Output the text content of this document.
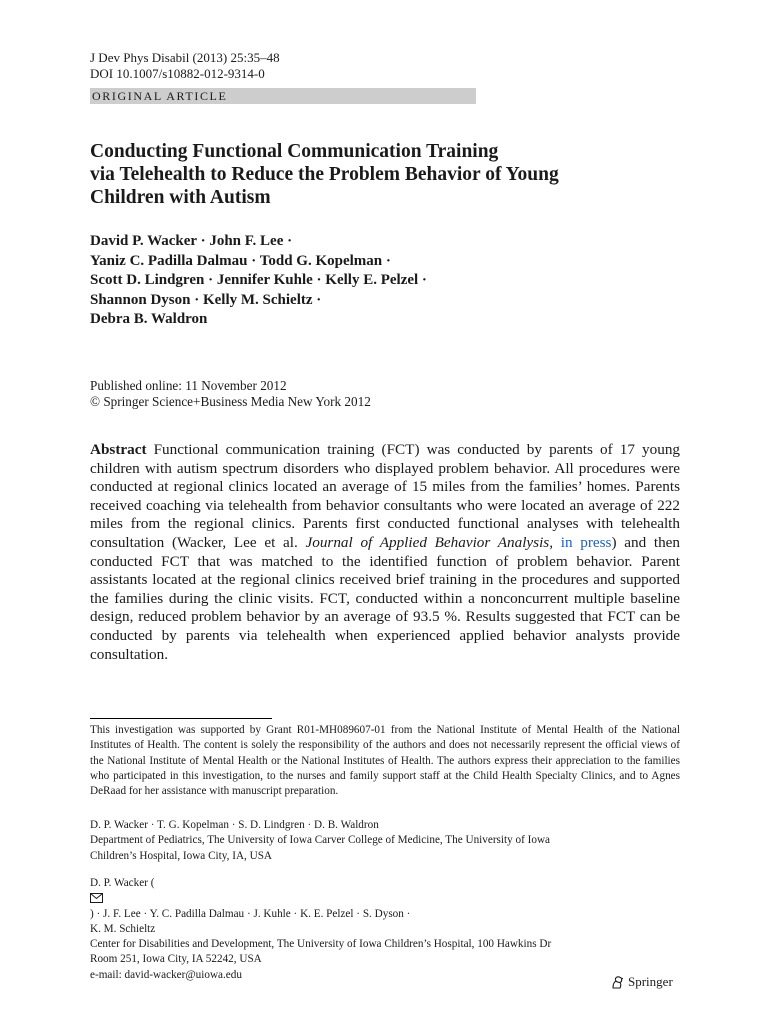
J Dev Phys Disabil (2013) 25:35–48
DOI 10.1007/s10882-012-9314-0
ORIGINAL ARTICLE
Conducting Functional Communication Training
via Telehealth to Reduce the Problem Behavior of Young
Children with Autism
David P. Wacker · John F. Lee ·
Yaniz C. Padilla Dalmau · Todd G. Kopelman ·
Scott D. Lindgren · Jennifer Kuhle · Kelly E. Pelzel ·
Shannon Dyson · Kelly M. Schieltz ·
Debra B. Waldron
Published online: 11 November 2012
© Springer Science+Business Media New York 2012

Abstract Functional communication training (FCT) was conducted by parents of 17 young children with autism spectrum disorders who displayed problem behavior. All procedures were conducted at regional clinics located an average of 15 miles from the families’ homes. Parents received coaching via telehealth from behavior consultants who were located an average of 222 miles from the regional clinics. Parents first conducted functional analyses with telehealth consultation (Wacker, Lee et al. Journal of Applied Behavior Analysis, in press) and then conducted FCT that was matched to the identified function of problem behavior. Parent assistants located at the regional clinics received brief training in the procedures and supported the families during the clinic visits. FCT, conducted within a nonconcurrent multiple baseline design, reduced problem behavior by an average of 93.5 %. Results suggested that FCT can be conducted by parents via telehealth when experienced applied behavior analysts provide consultation.

This investigation was supported by Grant R01-MH089607-01 from the National Institute of Mental Health of the National Institutes of Health. The content is solely the responsibility of the authors and does not necessarily represent the official views of the National Institute of Mental Health or the National Institutes of Health. The authors express their appreciation to the families who participated in this investigation, to the nurses and family support staff at the Child Health Specialty Clinics, and to Agnes DeRaad for her assistance with manuscript preparation.

D. P. Wacker · T. G. Kopelman · S. D. Lindgren · D. B. Waldron
Department of Pediatrics, The University of Iowa Carver College of Medicine, The University of Iowa
Children’s Hospital, Iowa City, IA, USA
D. P. Wacker (
) · J. F. Lee · Y. C. Padilla Dalmau · J. Kuhle · K. E. Pelzel · S. Dyson ·
K. M. Schieltz
Center for Disabilities and Development, The University of Iowa Children’s Hospital, 100 Hawkins Dr
Room 251, Iowa City, IA 52242, USA
e-mail: david-wacker@uiowa.edu	Springer
